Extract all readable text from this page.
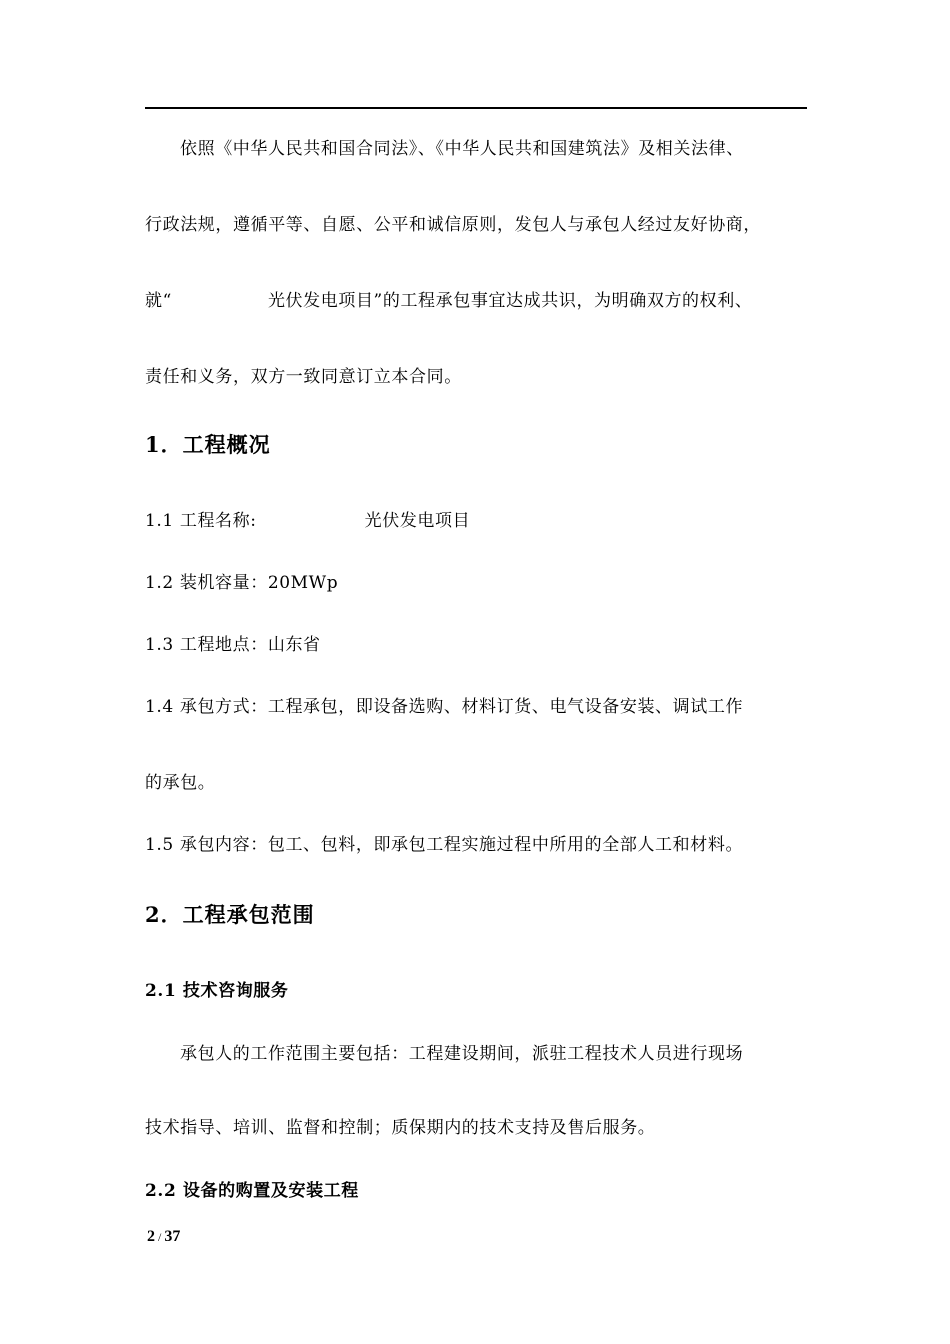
依照《中华人民共和国合同法》、《中华人民共和国建筑法》及相关法律、
行政法规，遵循平等、自愿、公平和诚信原则，发包人与承包人经过友好协商，
就“                光伏发电项目”的工程承包事宜达成共识，为明确双方的权利、
责任和义务，双方一致同意订立本合同。
1．工程概况
1.1 工程名称:                  光伏发电项目
1.2 装机容量：20MWp
1.3 工程地点：山东省
1.4 承包方式：工程承包，即设备选购、材料订货、电气设备安装、调试工作
的承包。
1.5 承包内容：包工、包料，即承包工程实施过程中所用的全部人工和材料。
2．工程承包范围
2.1 技术咨询服务
承包人的工作范围主要包括：工程建设期间，派驻工程技术人员进行现场
技术指导、培训、监督和控制；质保期内的技术支持及售后服务。
2.2 设备的购置及安装工程
2 / 37
